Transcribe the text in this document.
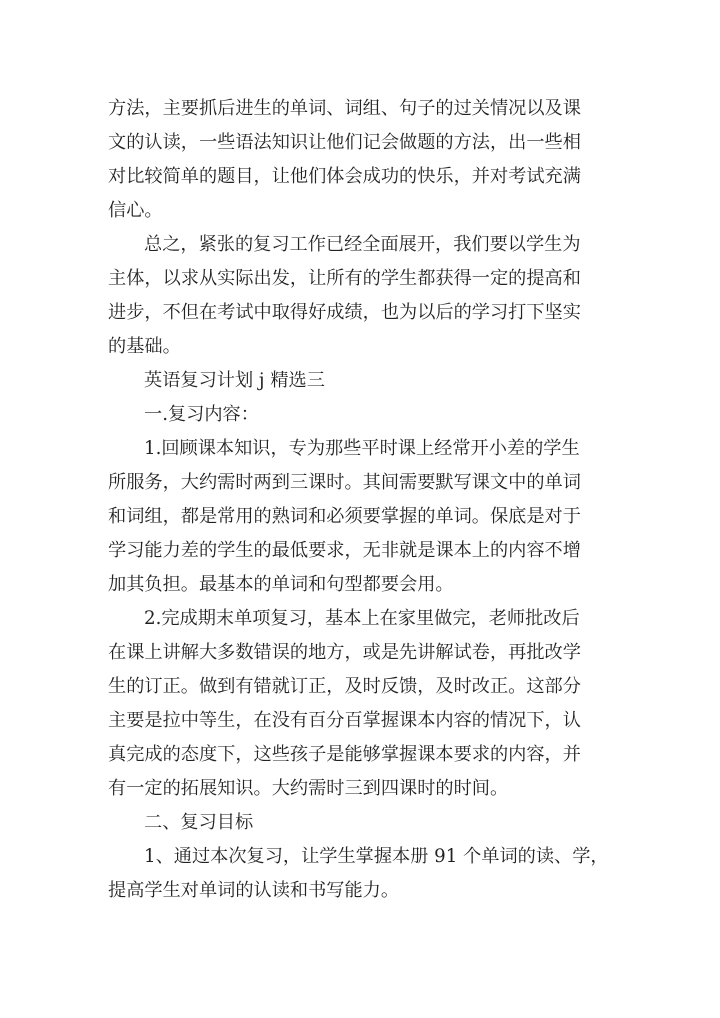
方法，主要抓后进生的单词、词组、句子的过关情况以及课
文的认读，一些语法知识让他们记会做题的方法，出一些相
对比较简单的题目，让他们体会成功的快乐，并对考试充满
信心。
总之，紧张的复习工作已经全面展开，我们要以学生为
主体，以求从实际出发，让所有的学生都获得一定的提高和
进步，不但在考试中取得好成绩，也为以后的学习打下坚实
的基础。
英语复习计划 j 精选三
一.复习内容：
1.回顾课本知识，专为那些平时课上经常开小差的学生
所服务，大约需时两到三课时。其间需要默写课文中的单词
和词组，都是常用的熟词和必须要掌握的单词。保底是对于
学习能力差的学生的最低要求，无非就是课本上的内容不增
加其负担。最基本的单词和句型都要会用。
2.完成期末单项复习，基本上在家里做完，老师批改后
在课上讲解大多数错误的地方，或是先讲解试卷，再批改学
生的订正。做到有错就订正，及时反馈，及时改正。这部分
主要是拉中等生，在没有百分百掌握课本内容的情况下，认
真完成的态度下，这些孩子是能够掌握课本要求的内容，并
有一定的拓展知识。大约需时三到四课时的时间。
二、复习目标
1、通过本次复习，让学生掌握本册 91 个单词的读、学，
提高学生对单词的认读和书写能力。
